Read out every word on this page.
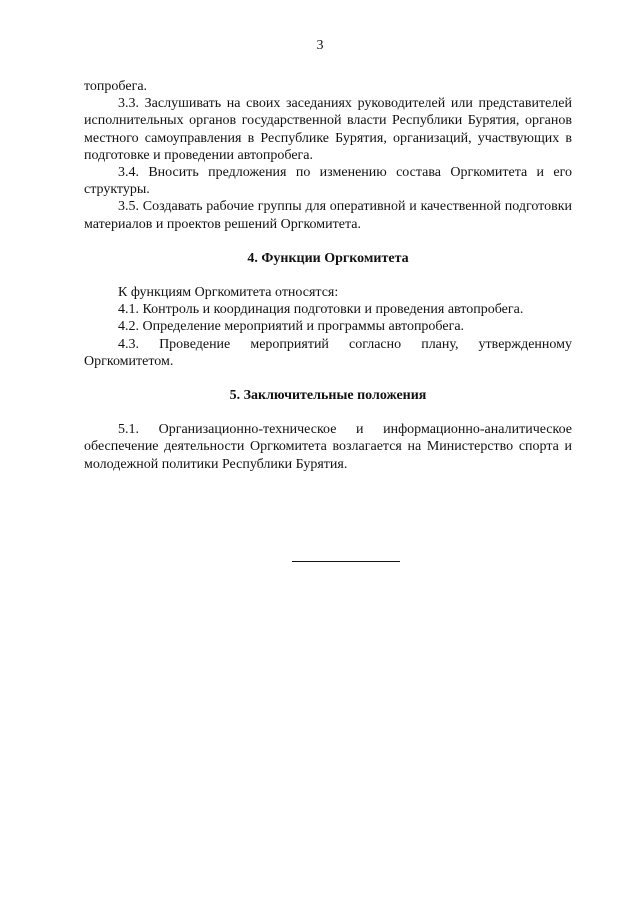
3

топробега.

3.3. Заслушивать на своих заседаниях руководителей или представителей исполнительных органов государственной власти Республики Бурятия, органов местного самоуправления в Республике Бурятия, организаций, участвующих в подготовке и проведении автопробега.

3.4. Вносить предложения по изменению состава Оргкомитета и его структуры.

3.5. Создавать рабочие группы для оперативной и качественной подготовки материалов и проектов решений Оргкомитета.

4. Функции Оргкомитета

К функциям Оргкомитета относятся:

4.1. Контроль и координация подготовки и проведения автопробега.

4.2. Определение мероприятий и программы автопробега.

4.3. Проведение мероприятий согласно плану, утвержденному Оргкомитетом.

5. Заключительные положения

5.1. Организационно-техническое и информационно-аналитическое обеспечение деятельности Оргкомитета возлагается на Министерство спорта и молодежной политики Республики Бурятия.
